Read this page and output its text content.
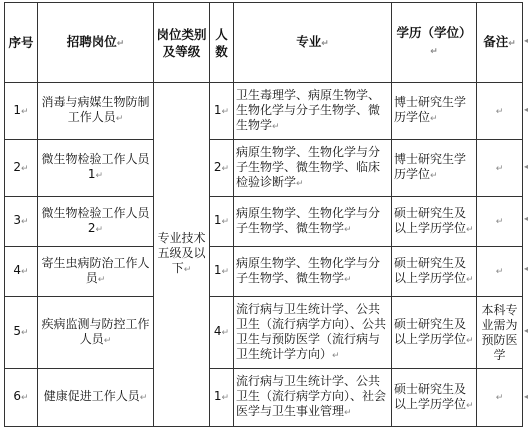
序号	招聘岗位↵	岗位类别及等级	人数	专业↵	学历（学位）↵	备注↵
1↵	消毒与病媒生物防制工作人员↵	专业技术五级及以下↵	1↵	卫生毒理学、病原生物学、生物化学与分子生物学、微生物学↵	博士研究生学历学位↵	↵
2↵	微生物检验工作人员 1↵		2↵	病原生物学、生物化学与分子生物学、微生物学、临床检验诊断学↵	博士研究生学历学位↵	↵
3↵	微生物检验工作人员 2↵		1↵	病原生物学、生物化学与分子生物学、微生物学↵	硕士研究生及以上学历学位↵	↵
4↵	寄生虫病防治工作人员↵		1↵	病原生物学、生物化学与分子生物学、微生物学↵	硕士研究生及以上学历学位↵	↵
5↵	疾病监测与防控工作人员↵		4↵	流行病与卫生统计学、公共卫生（流行病学方向）、公共卫生与预防医学（流行病与卫生统计学方向）↵	硕士研究生及以上学历学位↵	本科专业需为预防医学
6↵	健康促进工作人员↵		1↵	流行病与卫生统计学、公共卫生（流行病学方向）、社会医学与卫生事业管理↵	硕士研究生及以上学历学位↵	↵
◂
◂
◂
◂
◂
◂
◂
